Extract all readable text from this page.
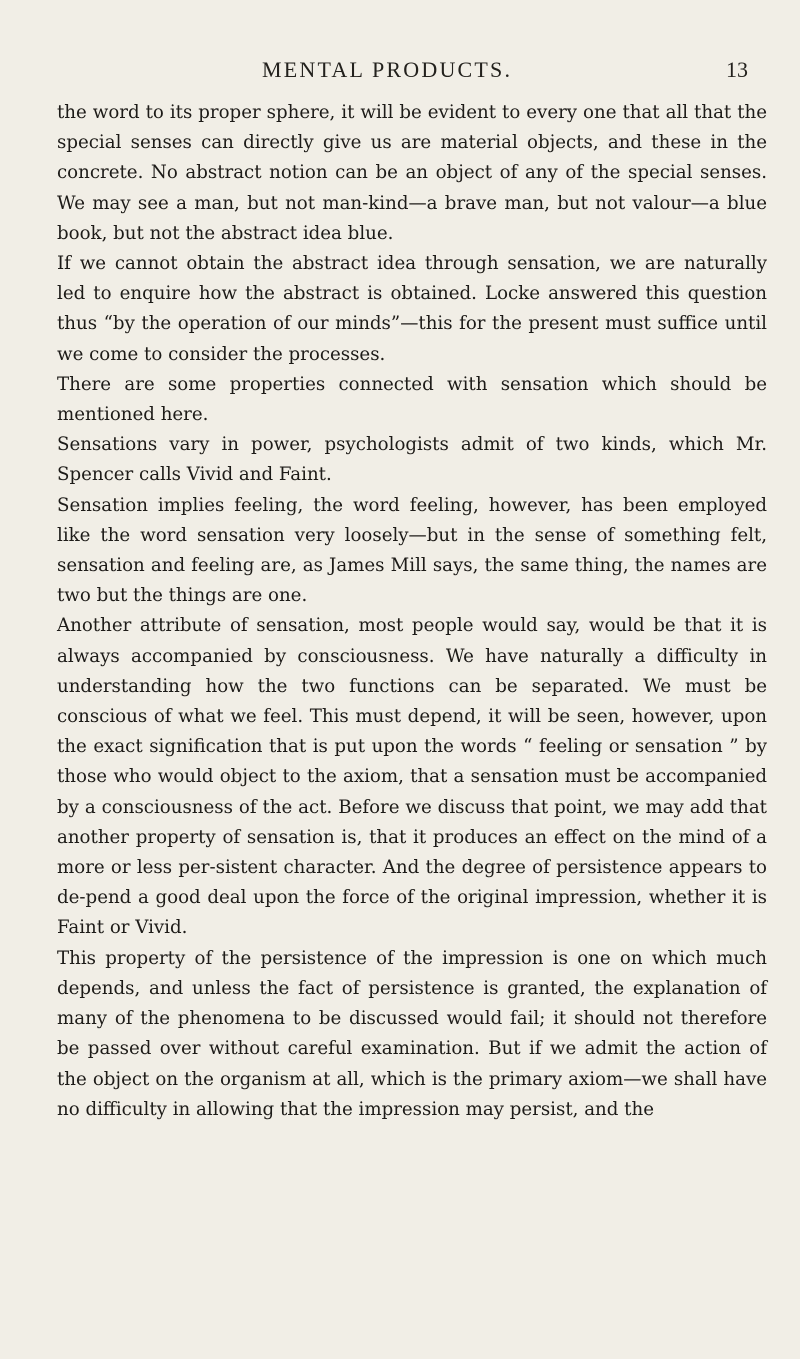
MENTAL PRODUCTS.	13

the word to its proper sphere, it will be evident to every one that all that the special senses can directly give us are material objects, and these in the concrete. No abstract notion can be an object of any of the special senses. We may see a man, but not man-kind—a brave man, but not valour—a blue book, but not the abstract idea blue.

If we cannot obtain the abstract idea through sensation, we are naturally led to enquire how the abstract is obtained. Locke answered this question thus “by the operation of our minds”—this for the present must suffice until we come to consider the processes.

There are some properties connected with sensation which should be mentioned here.

Sensations vary in power, psychologists admit of two kinds, which Mr. Spencer calls Vivid and Faint.

Sensation implies feeling, the word feeling, however, has been employed like the word sensation very loosely—but in the sense of something felt, sensation and feeling are, as James Mill says, the same thing, the names are two but the things are one.

Another attribute of sensation, most people would say, would be that it is always accompanied by consciousness. We have naturally a difficulty in understanding how the two functions can be separated. We must be conscious of what we feel. This must depend, it will be seen, however, upon the exact signification that is put upon the words “ feeling or sensation ” by those who would object to the axiom, that a sensation must be accompanied by a consciousness of the act. Before we discuss that point, we may add that another property of sensation is, that it produces an effect on the mind of a more or less per-sistent character. And the degree of persistence appears to de-pend a good deal upon the force of the original impression, whether it is Faint or Vivid.

This property of the persistence of the impression is one on which much depends, and unless the fact of persistence is granted, the explanation of many of the phenomena to be discussed would fail; it should not therefore be passed over without careful examination. But if we admit the action of the object on the organism at all, which is the primary axiom—we shall have no difficulty in allowing that the impression may persist, and the
